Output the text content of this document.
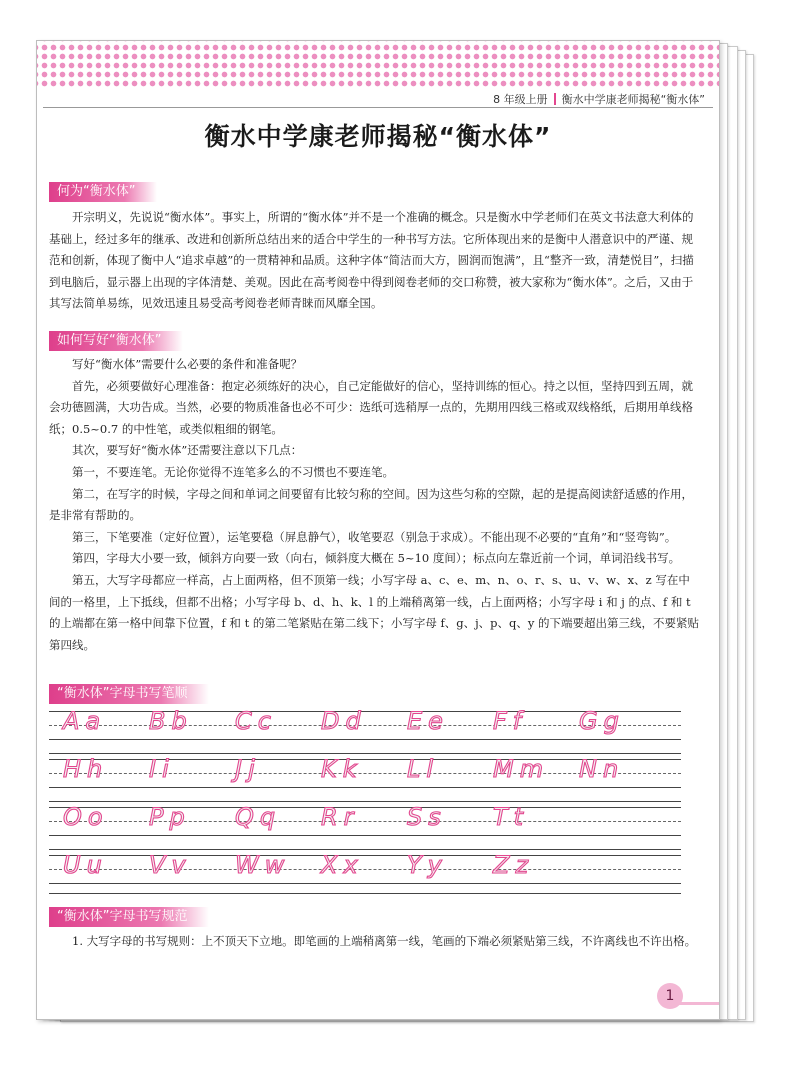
8 年级上册 衡水中学康老师揭秘“衡水体”
衡水中学康老师揭秘“衡水体”
何为“衡水体”

开宗明义，先说说“衡水体”。事实上，所谓的“衡水体”并不是一个准确的概念。只是衡水中学老师们在英文书法意大利体的基础上，经过多年的继承、改进和创新所总结出来的适合中学生的一种书写方法。它所体现出来的是衡中人潜意识中的严谨、规范和创新，体现了衡中人“追求卓越”的一贯精神和品质。这种字体“简洁而大方，圆润而饱满”，且“整齐一致，清楚悦目”，扫描到电脑后，显示器上出现的字体清楚、美观。因此在高考阅卷中得到阅卷老师的交口称赞，被大家称为“衡水体”。之后，又由于其写法简单易练，见效迅速且易受高考阅卷老师青睐而风靡全国。

如何写好“衡水体”

写好“衡水体”需要什么必要的条件和准备呢？

首先，必须要做好心理准备：抱定必须练好的决心，自己定能做好的信心，坚持训练的恒心。持之以恒，坚持四到五周，就会功德圆满，大功告成。当然，必要的物质准备也必不可少：选纸可选稍厚一点的，先期用四线三格或双线格纸，后期用单线格纸；0.5~0.7 的中性笔，或类似粗细的钢笔。

其次，要写好“衡水体”还需要注意以下几点：

第一，不要连笔。无论你觉得不连笔多么的不习惯也不要连笔。

第二，在写字的时候，字母之间和单词之间要留有比较匀称的空间。因为这些匀称的空隙，起的是提高阅读舒适感的作用，是非常有帮助的。

第三，下笔要准（定好位置），运笔要稳（屏息静气），收笔要忍（别急于求成）。不能出现不必要的“直角”和“竖弯钩”。

第四，字母大小要一致，倾斜方向要一致（向右，倾斜度大概在 5~10 度间）；标点向左靠近前一个词，单词沿线书写。

第五，大写字母都应一样高，占上面两格，但不顶第一线；小写字母 a、c、e、m、n、o、r、s、u、v、w、x、z 写在中间的一格里，上下抵线，但都不出格；小写字母 b、d、h、k、l 的上端稍离第一线，占上面两格；小写字母 i 和 j 的点、f 和 t 的上端都在第一格中间靠下位置，f 和 t 的第二笔紧贴在第二线下；小写字母 f、g、j、p、q、y 的下端要超出第三线，不要紧贴第四线。

“衡水体”字母书写笔顺
Aa Bb Cc Dd Ee Ff Gg
Hh Ii	Jj	Kk Ll Mm Nn
Oo Pp Qq Rr Ss Tt
Uu Vv Ww Xx Yy Zz
“衡水体”字母书写规范

1. 大写字母的书写规则：上不顶天下立地。即笔画的上端稍离第一线，笔画的下端必须紧贴第三线，不许离线也不许出格。

1
